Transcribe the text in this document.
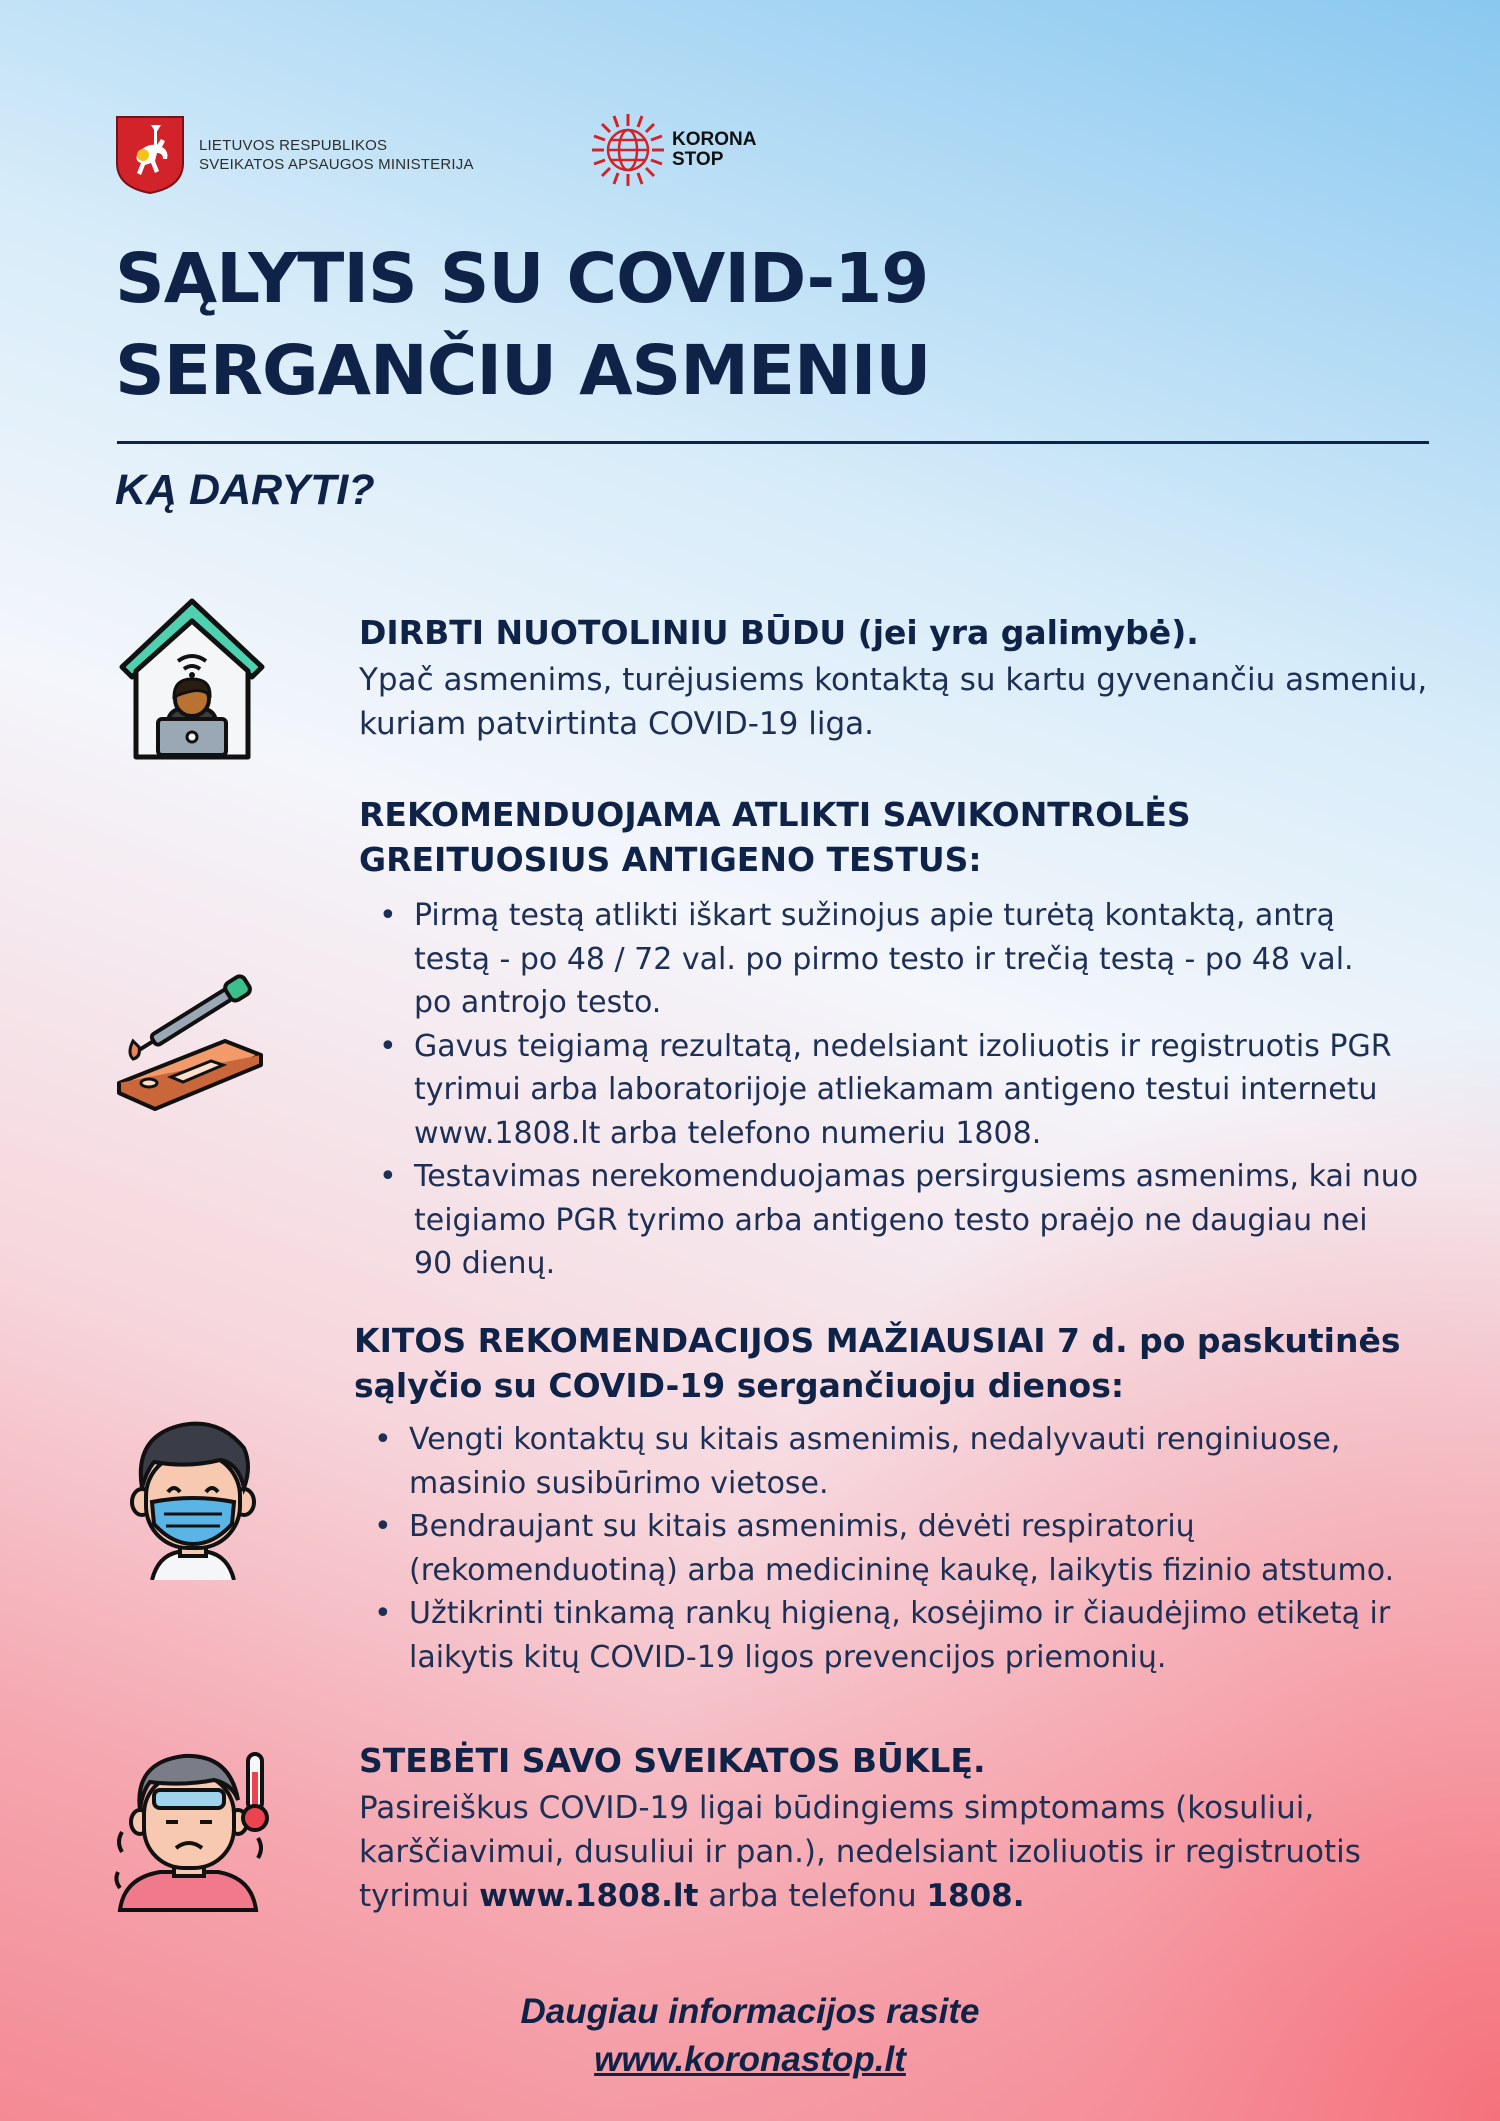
LIETUVOS RESPUBLIKOS
SVEIKATOS APSAUGOS MINISTERIJA
KORONA
STOP
SĄLYTIS SU COVID-19
SERGANČIU ASMENIU
KĄ DARYTI?
DIRBTI NUOTOLINIU BŪDU (jei yra galimybė).
Ypač asmenims, turėjusiems kontaktą su kartu gyvenančiu asmeniu,
kuriam patvirtinta COVID-19 liga.
REKOMENDUOJAMA ATLIKTI SAVIKONTROLĖS
GREITUOSIUS ANTIGENO TESTUS:
• Pirmą testą atlikti iškart sužinojus apie turėtą kontaktą, antrą
testą - po 48 / 72 val. po pirmo testo ir trečią testą - po 48 val.
po antrojo testo.
• Gavus teigiamą rezultatą, nedelsiant izoliuotis ir registruotis PGR
tyrimui arba laboratorijoje atliekamam antigeno testui internetu
www.1808.lt arba telefono numeriu 1808.
• Testavimas nerekomenduojamas persirgusiems asmenims, kai nuo
teigiamo PGR tyrimo arba antigeno testo praėjo ne daugiau nei
90 dienų.
KITOS REKOMENDACIJOS MAŽIAUSIAI 7 d. po paskutinės
sąlyčio su COVID-19 sergančiuoju dienos:
• Vengti kontaktų su kitais asmenimis, nedalyvauti renginiuose,
masinio susibūrimo vietose.
• Bendraujant su kitais asmenimis, dėvėti respiratorių
(rekomenduotiną) arba medicininę kaukę, laikytis fizinio atstumo.
• Užtikrinti tinkamą rankų higieną, kosėjimo ir čiaudėjimo etiketą ir
laikytis kitų COVID-19 ligos prevencijos priemonių.
STEBĖTI SAVO SVEIKATOS BŪKLĘ.
Pasireiškus COVID-19 ligai būdingiems simptomams (kosuliui,
karščiavimui, dusuliui ir pan.), nedelsiant izoliuotis ir registruotis
tyrimui www.1808.lt arba telefonu 1808.
Daugiau informacijos rasite
www.koronastop.lt
